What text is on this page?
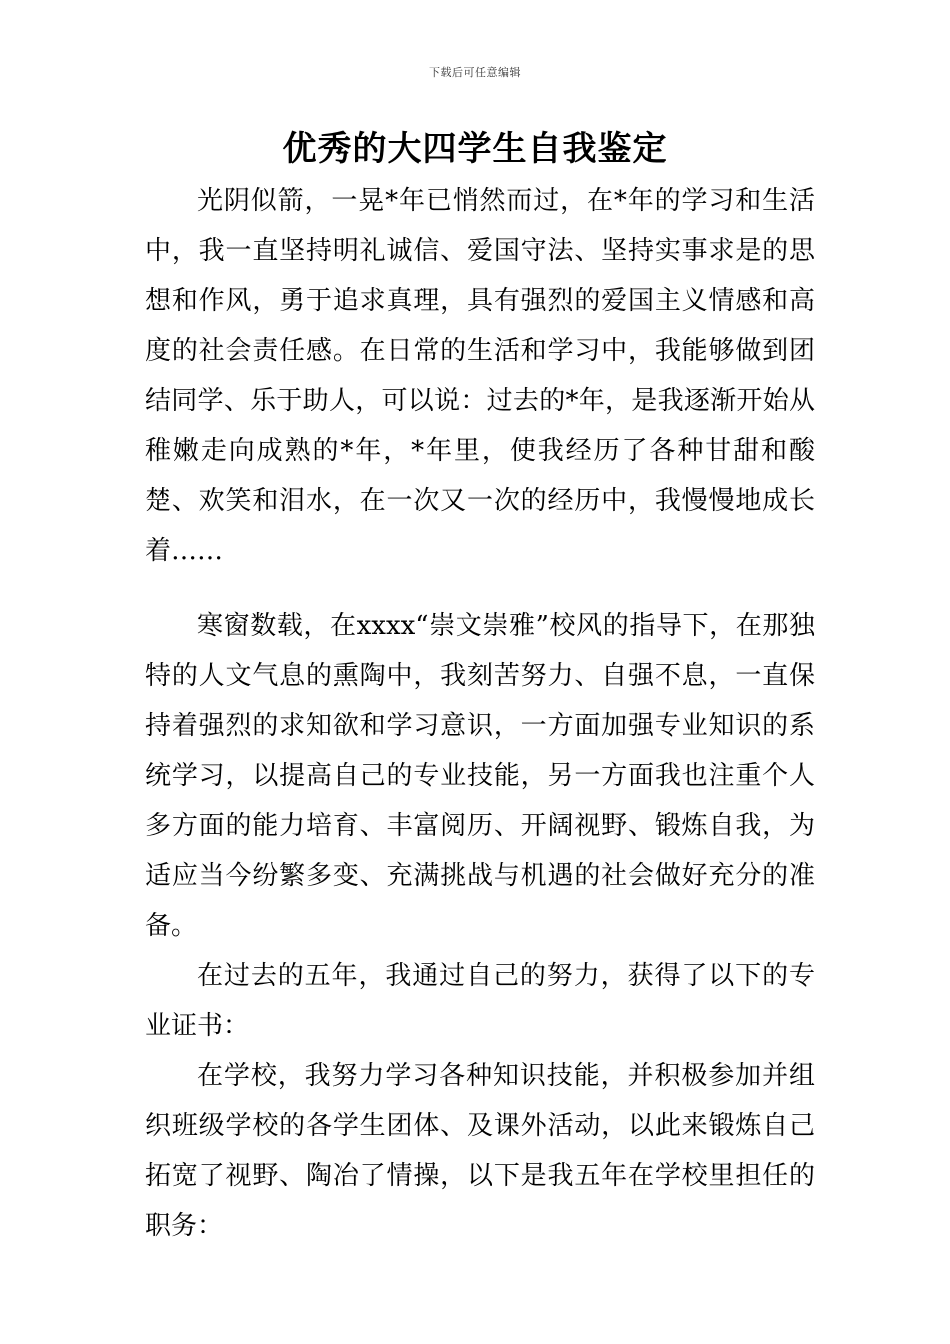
下载后可任意编辑
优秀的大四学生自我鉴定

光阴似箭，一晃*年已悄然而过，在*年的学习和生活中，我一直坚持明礼诚信、爱国守法、坚持实事求是的思想和作风，勇于追求真理，具有强烈的爱国主义情感和高度的社会责任感。在日常的生活和学习中，我能够做到团结同学、乐于助人，可以说：过去的*年，是我逐渐开始从稚嫩走向成熟的*年，*年里，使我经历了各种甘甜和酸楚、欢笑和泪水，在一次又一次的经历中，我慢慢地成长着……

寒窗数载，在xxxx“崇文崇雅”校风的指导下，在那独特的人文气息的熏陶中，我刻苦努力、自强不息，一直保持着强烈的求知欲和学习意识，一方面加强专业知识的系统学习，以提高自己的专业技能，另一方面我也注重个人多方面的能力培育、丰富阅历、开阔视野、锻炼自我，为适应当今纷繁多变、充满挑战与机遇的社会做好充分的准备。

在过去的五年，我通过自己的努力，获得了以下的专业证书：

在学校，我努力学习各种知识技能，并积极参加并组织班级学校的各学生团体、及课外活动，以此来锻炼自己拓宽了视野、陶冶了情操，以下是我五年在学校里担任的职务：
